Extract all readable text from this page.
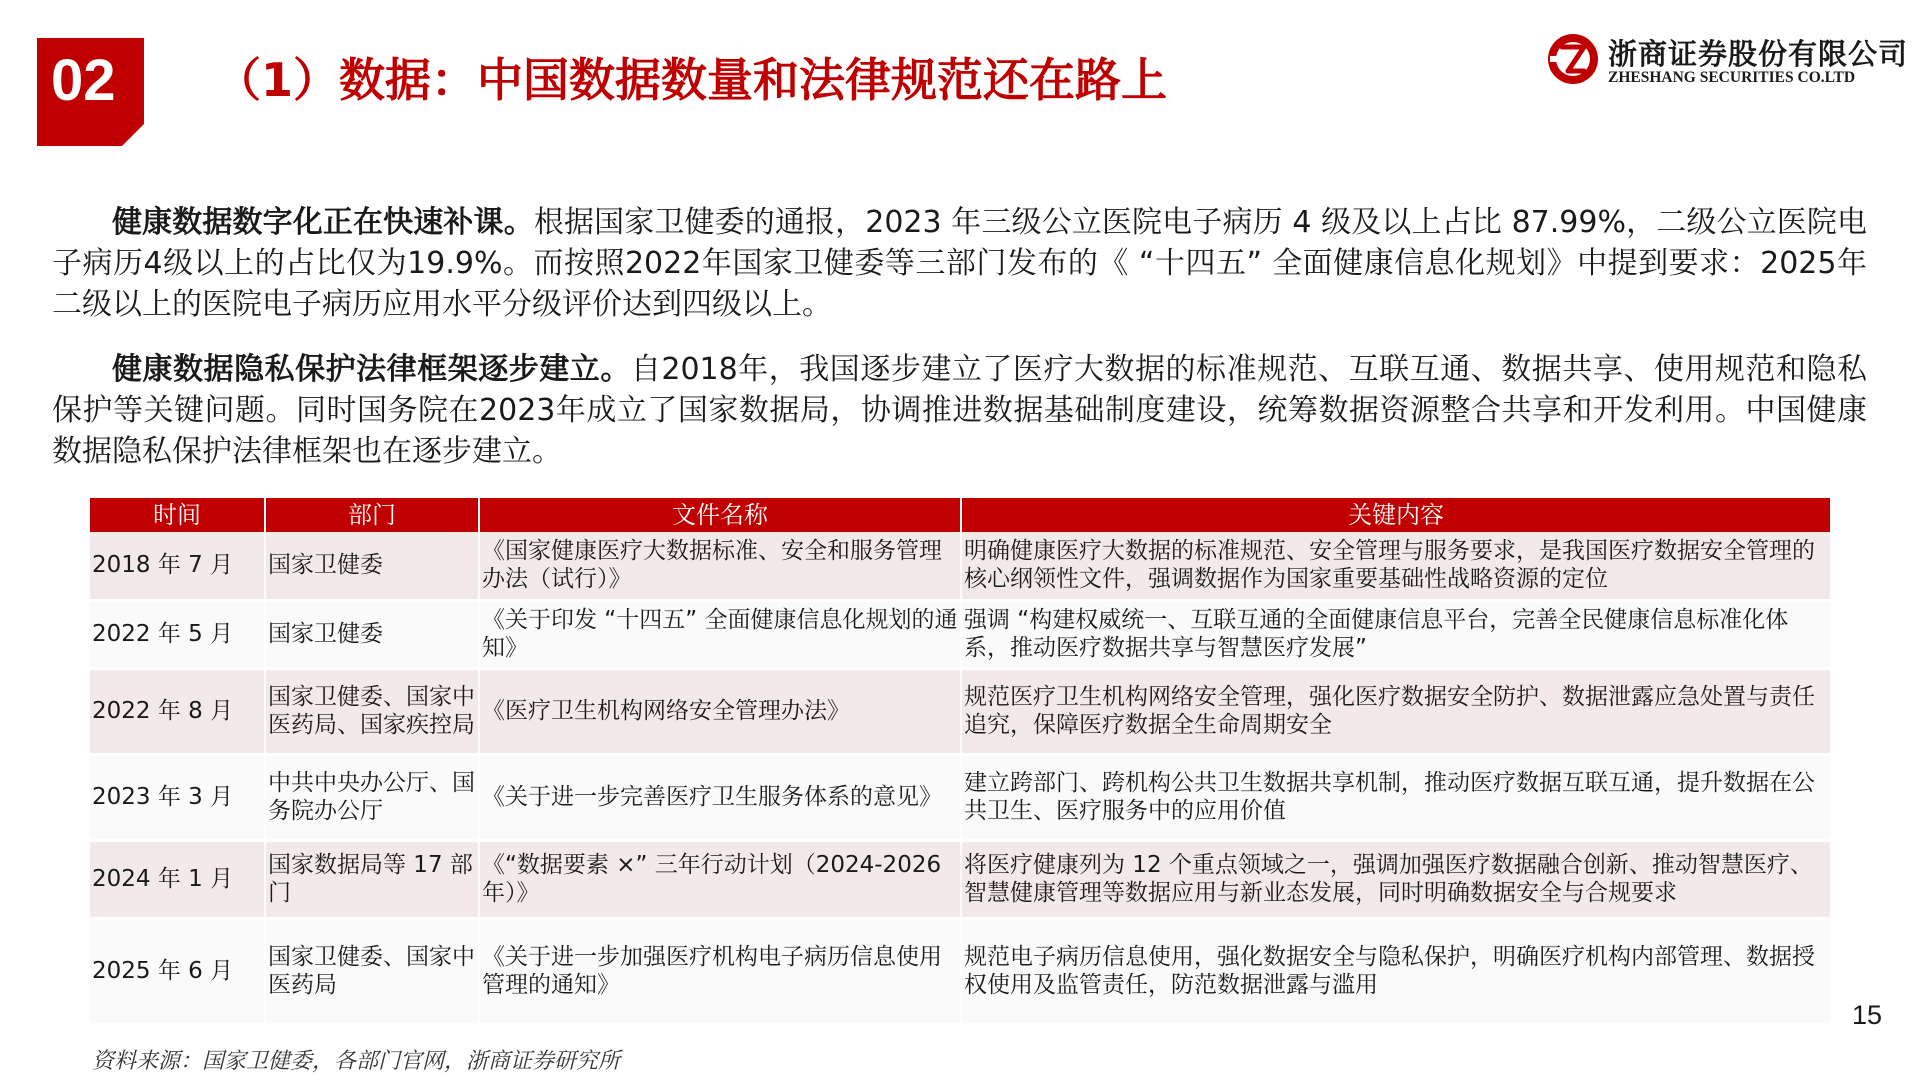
02 （1）数据：中国数据数量和法律规范还在路上	浙商证券股份有限公司
ZHESHANG SECURITIES CO.LTD

健康数据数字化正在快速补课。根据国家卫健委的通报，2023 年三级公立医院电子病历 4 级及以上占比 87.99%，二级公立医院电子病历4级以上的占比仅为19.9%。而按照2022年国家卫健委等三部门发布的《 “十四五” 全面健康信息化规划》中提到要求：2025年二级以上的医院电子病历应用水平分级评价达到四级以上。

健康数据隐私保护法律框架逐步建立。自2018年，我国逐步建立了医疗大数据的标准规范、互联互通、数据共享、使用规范和隐私保护等关键问题。同时国务院在2023年成立了国家数据局，协调推进数据基础制度建设，统筹数据资源整合共享和开发利用。中国健康数据隐私保护法律框架也在逐步建立。

时间	部门	文件名称	关键内容
2018 年 7 月	国家卫健委	《国家健康医疗大数据标准、安全和服务管理办法（试行）》	明确健康医疗大数据的标准规范、安全管理与服务要求，是我国医疗数据安全管理的核心纲领性文件，强调数据作为国家重要基础性战略资源的定位
2022 年 5 月	国家卫健委	《关于印发 “十四五” 全面健康信息化规划的通知》	强调 “构建权威统一、互联互通的全面健康信息平台，完善全民健康信息标准化体系，推动医疗数据共享与智慧医疗发展”
2022 年 8 月	国家卫健委、国家中医药局、国家疾控局	《医疗卫生机构网络安全管理办法》	规范医疗卫生机构网络安全管理，强化医疗数据安全防护、数据泄露应急处置与责任追究，保障医疗数据全生命周期安全
2023 年 3 月	中共中央办公厅、国务院办公厅	《关于进一步完善医疗卫生服务体系的意见》	建立跨部门、跨机构公共卫生数据共享机制，推动医疗数据互联互通，提升数据在公共卫生、医疗服务中的应用价值
2024 年 1 月	国家数据局等 17 部门	《“数据要素 ×” 三年行动计划（2024-2026 年）》	将医疗健康列为 12 个重点领域之一，强调加强医疗数据融合创新、推动智慧医疗、智慧健康管理等数据应用与新业态发展，同时明确数据安全与合规要求
2025 年 6 月	国家卫健委、国家中医药局	《关于进一步加强医疗机构电子病历信息使用管理的通知》	规范电子病历信息使用，强化数据安全与隐私保护，明确医疗机构内部管理、数据授权使用及监管责任，防范数据泄露与滥用
15
资料来源：国家卫健委，各部门官网，浙商证券研究所
